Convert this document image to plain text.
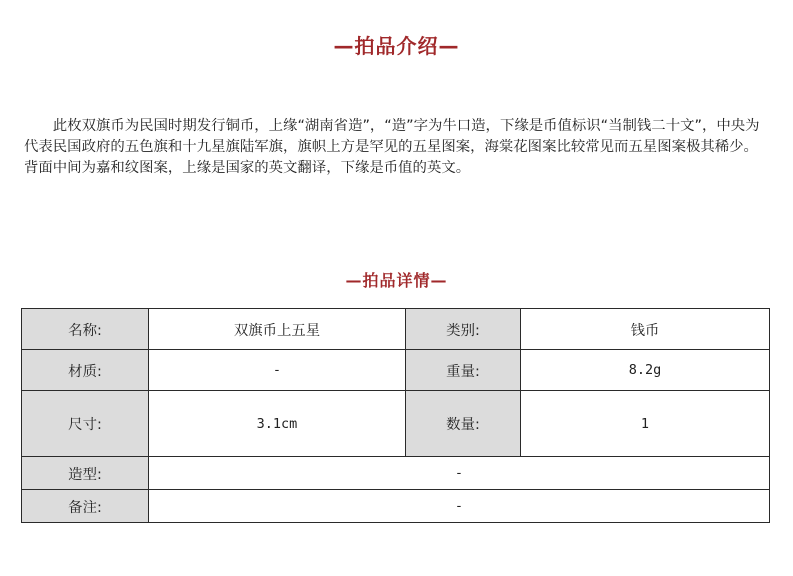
—拍品介绍—

此枚双旗币为民国时期发行铜币，上缘“湖南省造”，“造”字为牛口造，下缘是币值标识“当制钱二十文”，中央为代表民国政府的五色旗和十九星旗陆军旗，旗帜上方是罕见的五星图案，海棠花图案比较常见而五星图案极其稀少。背面中间为嘉和纹图案，上缘是国家的英文翻译，下缘是币值的英文。

—拍品详情—
名称:	双旗币上五星	类别:	钱币
材质:	-	重量:	8.2g
尺寸:	3.1cm	数量:	1
造型:	-		
备注:	-		
